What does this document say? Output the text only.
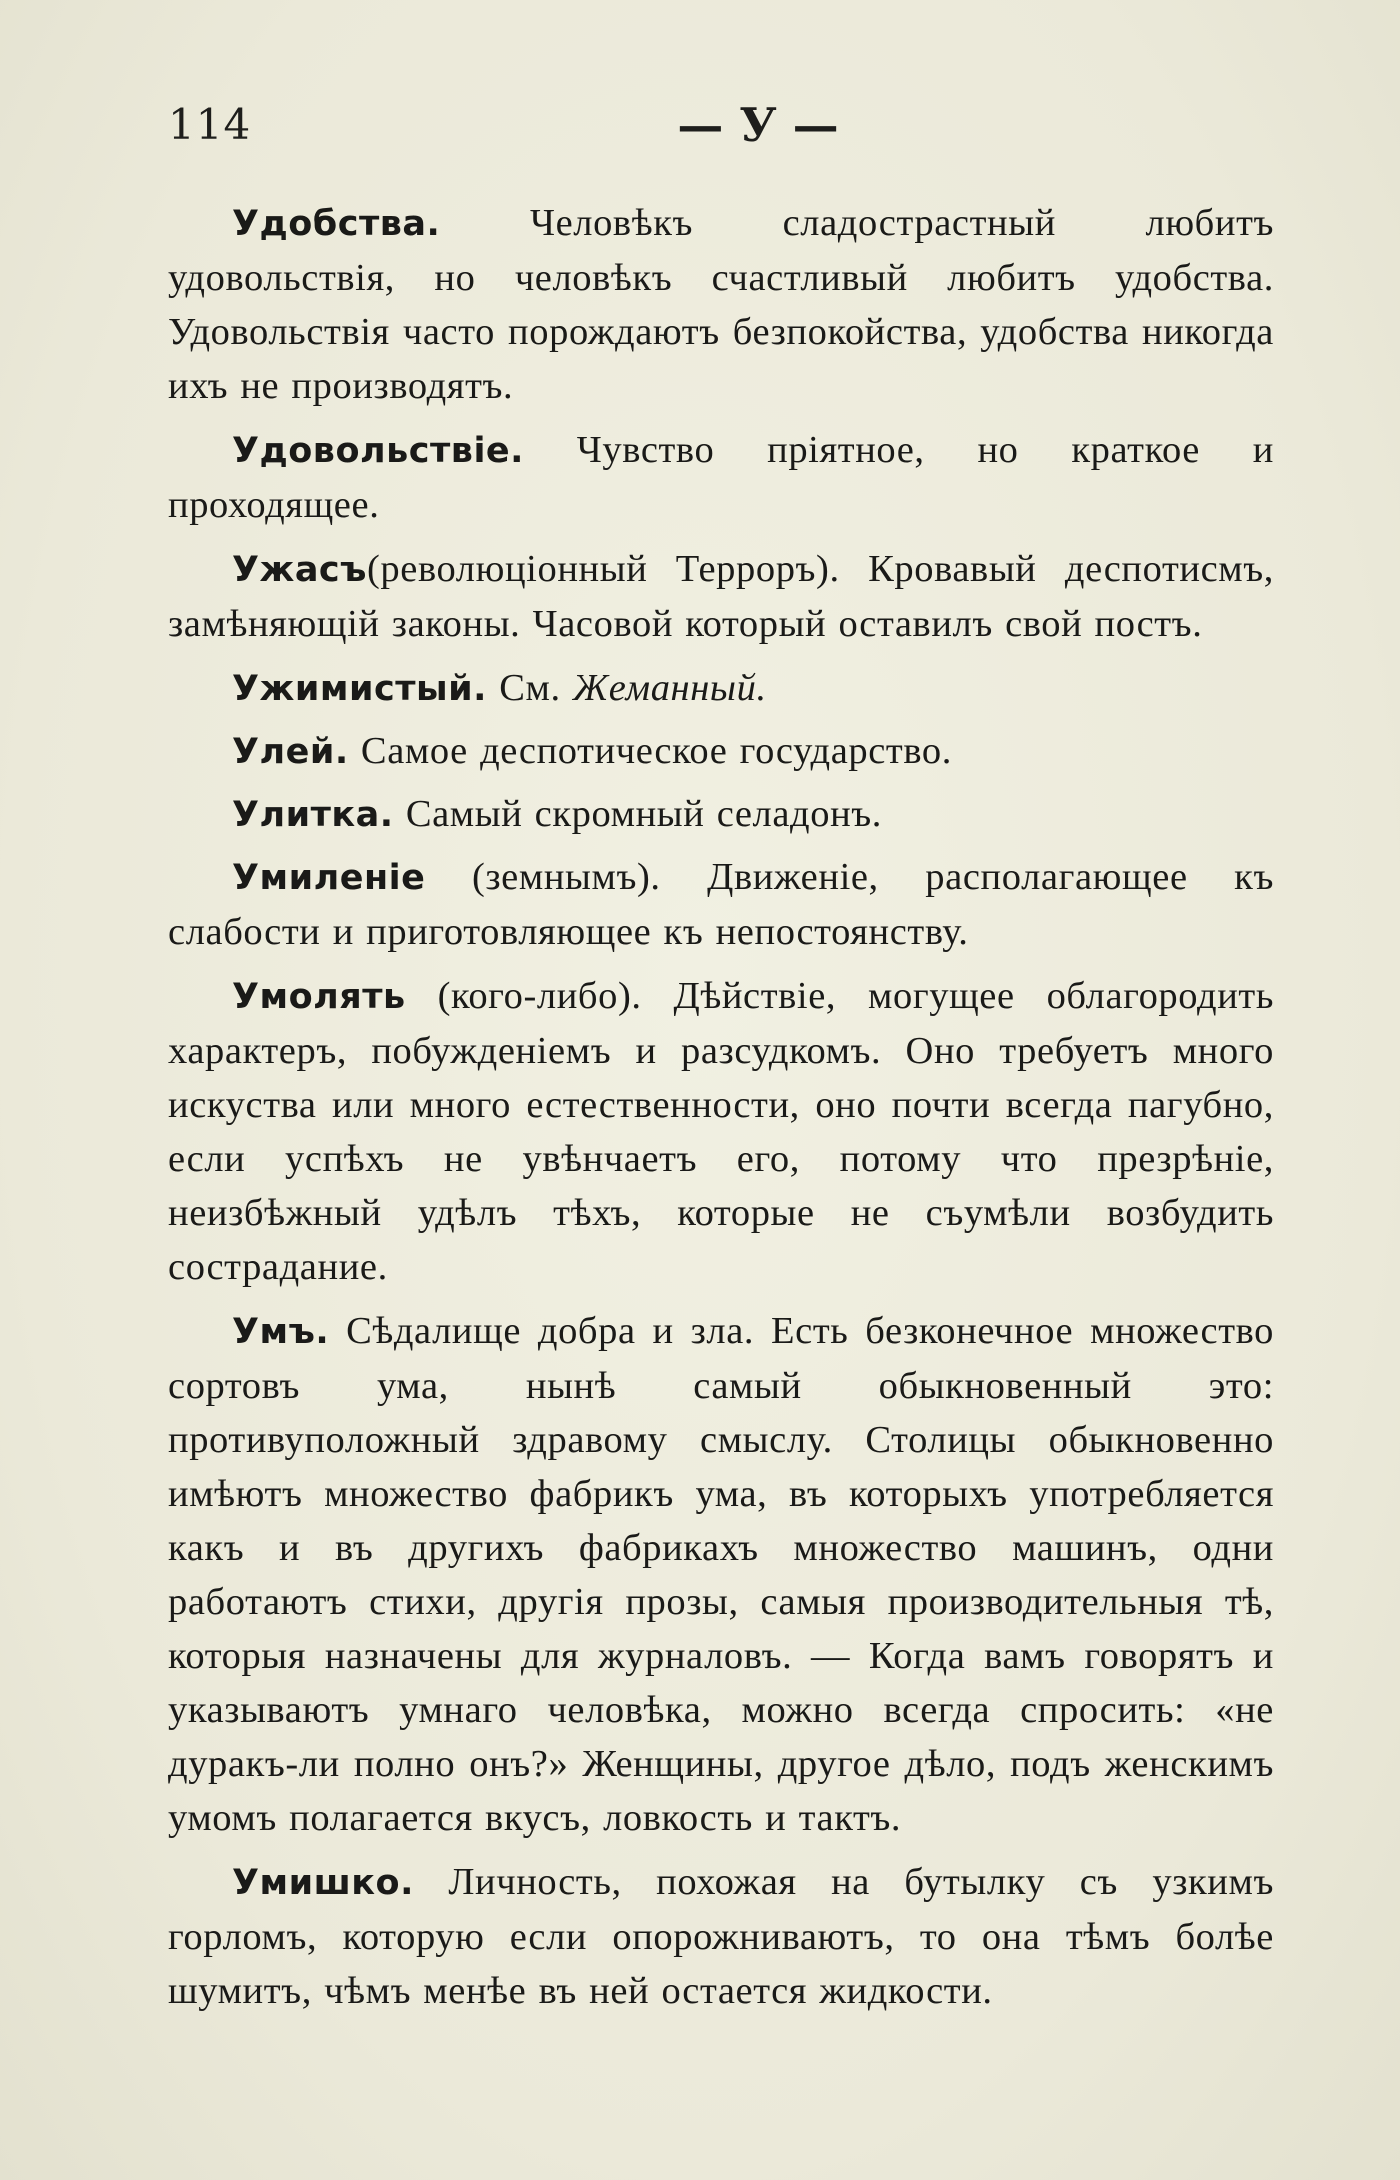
114	— У —

Удобства. Человѣкъ сладострастный любитъ удовольствія, но человѣкъ счастливый любитъ удобства. Удовольствія часто порождаютъ безпокойства, удобства никогда ихъ не производятъ.

Удовольствіе. Чувство пріятное, но краткое и проходящее.

Ужасъ(революціонный Терроръ). Кровавый деспотисмъ, замѣняющій законы. Часовой который оставилъ свой постъ.

Ужимистый. См. Жеманный.

Улей. Самое деспотическое государство.

Улитка. Самый скромный селадонъ.

Умиленіе (земнымъ). Движеніе, располагающее къ слабости и приготовляющее къ непостоянству.

Умолять (кого-либо). Дѣйствіе, могущее облагородить характеръ, побужденіемъ и разсудкомъ. Оно требуетъ много искуства или много естественности, оно почти всегда пагубно, если успѣхъ не увѣнчаетъ его, потому что презрѣніе, неизбѣжный удѣлъ тѣхъ, которые не съумѣли возбудить сострадание.

Умъ. Сѣдалище добра и зла. Есть безконечное множество сортовъ ума, нынѣ самый обыкновенный это: противуположный здравому смыслу. Столицы обыкновенно имѣютъ множество фабрикъ ума, въ которыхъ употребляется какъ и въ другихъ фабрикахъ множество машинъ, одни работаютъ стихи, другія прозы, самыя производительныя тѣ, которыя назначены для журналовъ. — Когда вамъ говорятъ и указываютъ умнаго человѣка, можно всегда спросить: «не дуракъ-ли полно онъ?» Женщины, другое дѣло, подъ женскимъ умомъ полагается вкусъ, ловкость и тактъ.

Умишко. Личность, похожая на бутылку съ узкимъ горломъ, которую если опорожниваютъ, то она тѣмъ болѣе шумитъ, чѣмъ менѣе въ ней остается жидкости.
